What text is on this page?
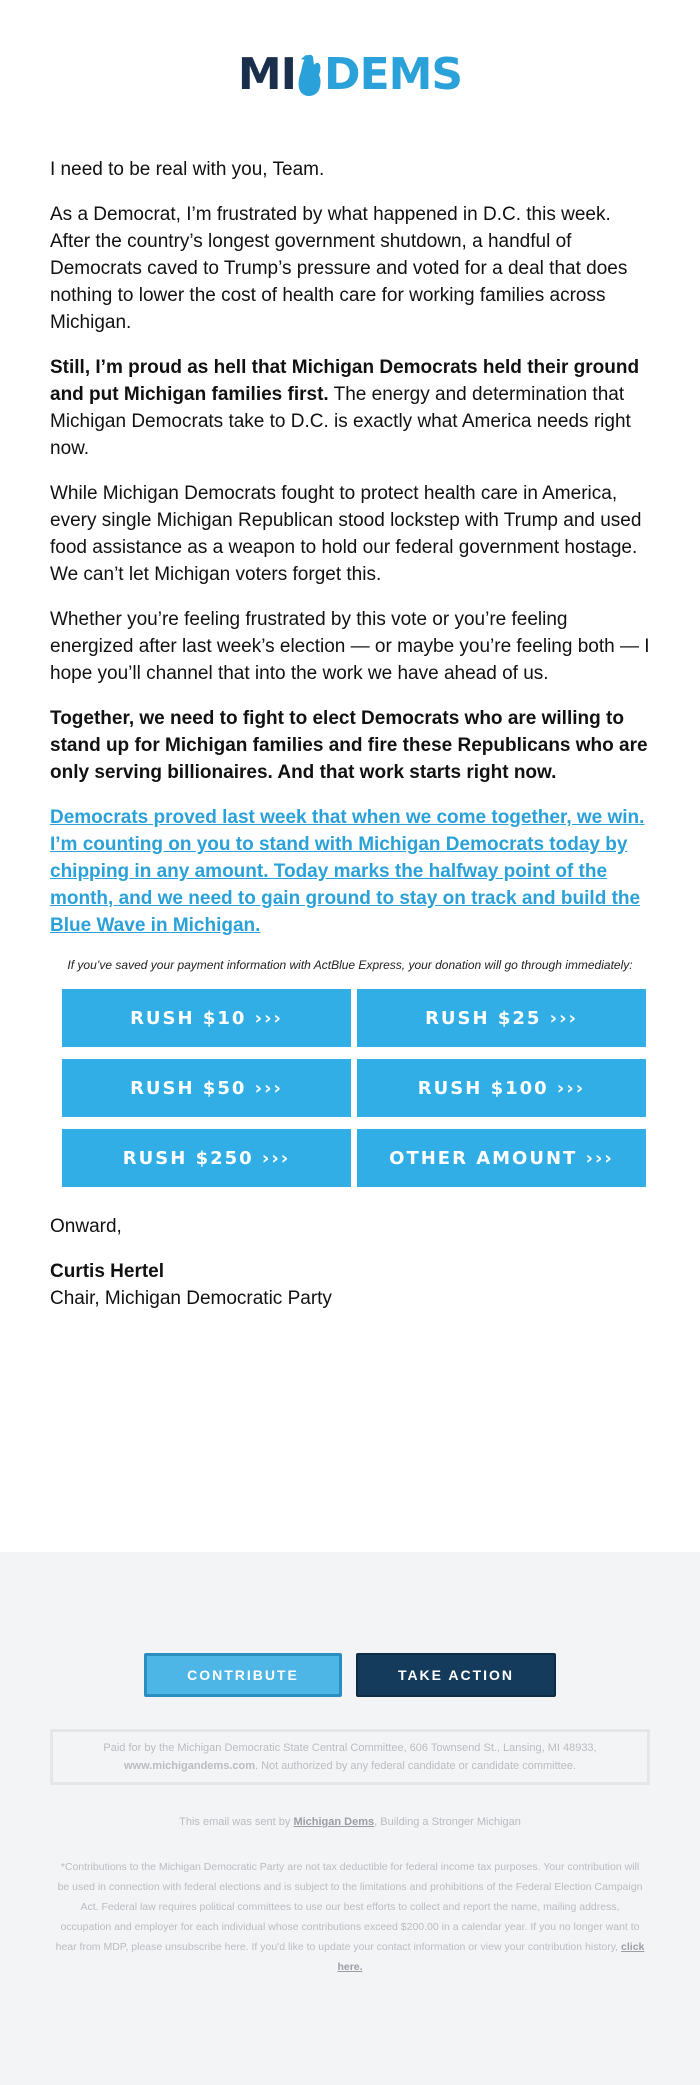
MI DEMS

I need to be real with you, Team.

As a Democrat, I’m frustrated by what happened in D.C. this week. After the country’s longest government shutdown, a handful of Democrats caved to Trump’s pressure and voted for a deal that does nothing to lower the cost of health care for working families across Michigan.

Still, I’m proud as hell that Michigan Democrats held their ground and put Michigan families first. The energy and determination that Michigan Democrats take to D.C. is exactly what America needs right now.

While Michigan Democrats fought to protect health care in America, every single Michigan Republican stood lockstep with Trump and used food assistance as a weapon to hold our federal government hostage. We can’t let Michigan voters forget this.

Whether you’re feeling frustrated by this vote or you’re feeling energized after last week’s election — or maybe you’re feeling both — I hope you’ll channel that into the work we have ahead of us.

Together, we need to fight to elect Democrats who are willing to stand up for Michigan families and fire these Republicans who are only serving billionaires. And that work starts right now.

Democrats proved last week that when we come together, we win. I’m counting on you to stand with Michigan Democrats today by chipping in any amount. Today marks the halfway point of the month, and we need to gain ground to stay on track and build the Blue Wave in Michigan.

If you’ve saved your payment information with ActBlue Express, your donation will go through immediately:

RUSH $10 ›››	RUSH $25 ›››
RUSH $50 ›››	RUSH $100 ›››
RUSH $250 ›››	OTHER AMOUNT ›››

Onward,

Curtis Hertel
Chair, Michigan Democratic Party

CONTRIBUTE	TAKE ACTION
Paid for by the Michigan Democratic State Central Committee, 606 Townsend St., Lansing, MI 48933,
www.michigandems.com. Not authorized by any federal candidate or candidate committee.
This email was sent by Michigan Dems, Building a Stronger Michigan
*Contributions to the Michigan Democratic Party are not tax deductible for federal income tax purposes. Your contribution will be used in connection with federal elections and is subject to the limitations and prohibitions of the Federal Election Campaign Act. Federal law requires political committees to use our best efforts to collect and report the name, mailing address, occupation and employer for each individual whose contributions exceed $200.00 in a calendar year. If you no longer want to hear from MDP, please unsubscribe here. If you'd like to update your contact information or view your contribution history, click here.
